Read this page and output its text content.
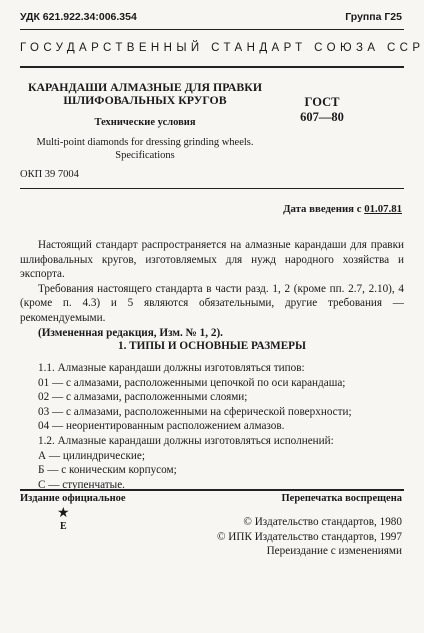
УДК 621.922.34:006.354	Группа Г25
ГОСУДАРСТВЕННЫЙ СТАНДАРТ СОЮЗА ССР
КАРАНДАШИ АЛМАЗНЫЕ ДЛЯ ПРАВКИ
ШЛИФОВАЛЬНЫХ КРУГОВ
Технические условия
Multi-point diamonds for dressing grinding wheels.
Specifications
ГОСТ
607—80
ОКП 39 7004
Дата введения с 01.07.81

Настоящий стандарт распространяется на алмазные карандаши для правки шлифовальных кругов, изготовляемых для нужд народного хозяйства и экспорта.

Требования настоящего стандарта в части разд. 1, 2 (кроме пп. 2.7, 2.10), 4 (кроме п. 4.3) и 5 являются обязательными, другие требования — рекомендуемыми.

(Измененная редакция, Изм. № 1, 2).

1. ТИПЫ И ОСНОВНЫЕ РАЗМЕРЫ

1.1. Алмазные карандаши должны изготовляться типов:

01 — с алмазами, расположенными цепочкой по оси карандаша;

02 — с алмазами, расположенными слоями;

03 — с алмазами, расположенными на сферической поверхности;

04 — неориентированным расположением алмазов.

1.2. Алмазные карандаши должны изготовляться исполнений:

А — цилиндрические;

Б — с коническим корпусом;

С — ступенчатые.

Издание официальное	Перепечатка воспрещена
★
E	© Издательство стандартов, 1980
© ИПК Издательство стандартов, 1997
Переиздание с изменениями
